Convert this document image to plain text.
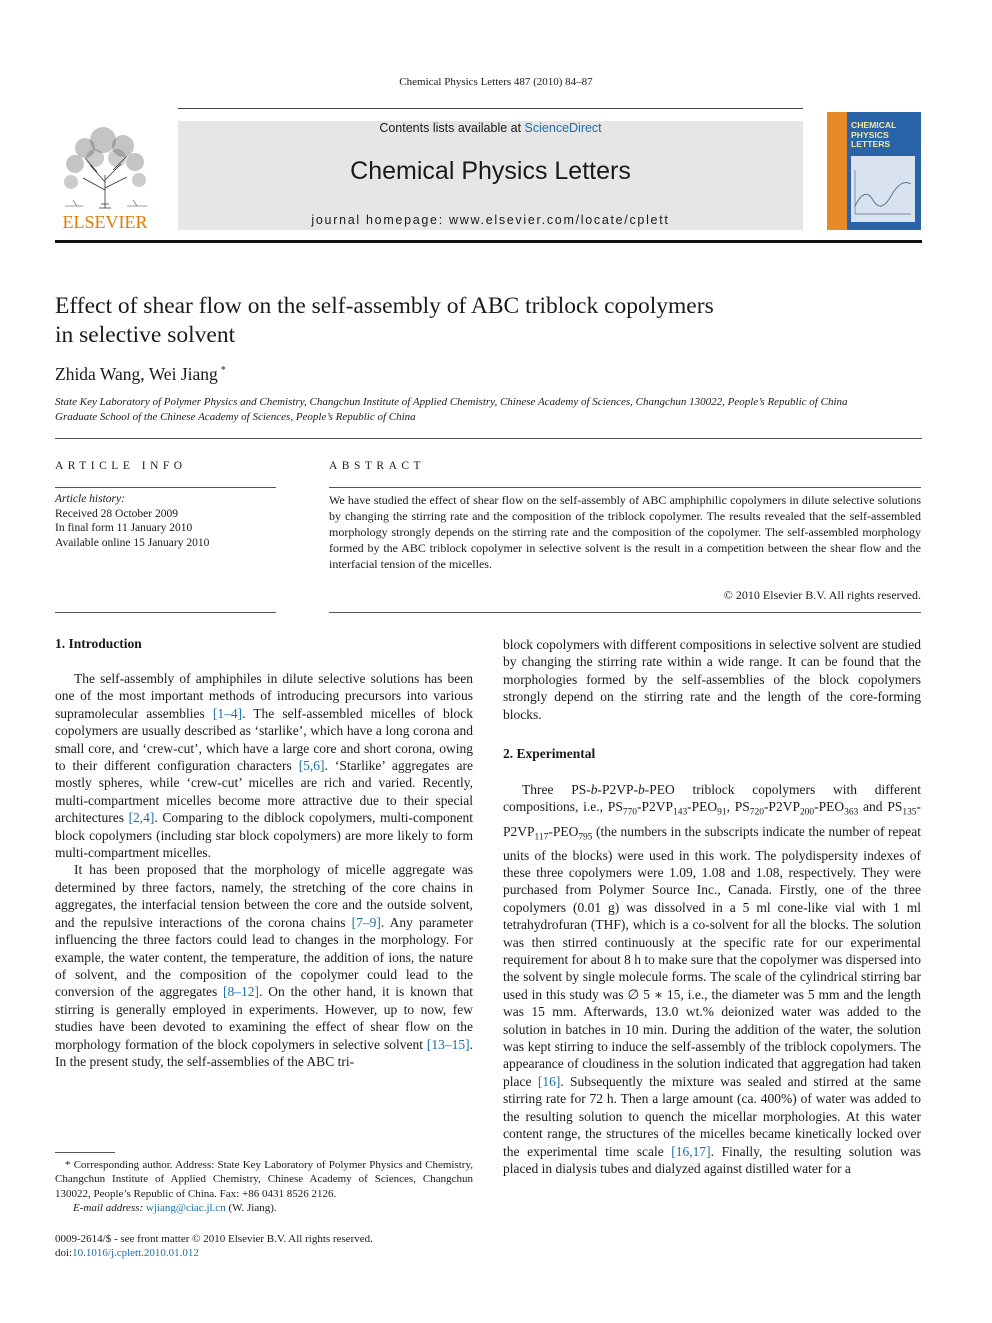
Chemical Physics Letters 487 (2010) 84–87
ELSEVIER
Contents lists available at ScienceDirect
Chemical Physics Letters
journal homepage: www.elsevier.com/locate/cplett
CHEMICAL
PHYSICS
LETTERS
Effect of shear flow on the self-assembly of ABC triblock copolymers
in selective solvent
Zhida Wang, Wei Jiang *
State Key Laboratory of Polymer Physics and Chemistry, Changchun Institute of Applied Chemistry, Chinese Academy of Sciences, Changchun 130022, People’s Republic of China
Graduate School of the Chinese Academy of Sciences, People’s Republic of China
ARTICLE INFO
Article history:
Received 28 October 2009
In final form 11 January 2010
Available online 15 January 2010
ABSTRACT
We have studied the effect of shear flow on the self-assembly of ABC amphiphilic copolymers in dilute selective solutions by changing the stirring rate and the composition of the triblock copolymer. The results revealed that the self-assembled morphology strongly depends on the stirring rate and the composition of the copolymer. The self-assembled morphology formed by the ABC triblock copolymer in selective solvent is the result in a competition between the shear flow and the interfacial tension of the micelles.
© 2010 Elsevier B.V. All rights reserved.
1. Introduction

The self-assembly of amphiphiles in dilute selective solutions has been one of the most important methods of introducing precursors into various supramolecular assemblies [1–4]. The self-assembled micelles of block copolymers are usually described as ‘starlike’, which have a long corona and small core, and ‘crew-cut’, which have a large core and short corona, owing to their different configuration characters [5,6]. ‘Starlike’ aggregates are mostly spheres, while ‘crew-cut’ micelles are rich and varied. Recently, multi-compartment micelles become more attractive due to their special architectures [2,4]. Comparing to the diblock copolymers, multi-component block copolymers (including star block copolymers) are more likely to form multi-compartment micelles.

It has been proposed that the morphology of micelle aggregate was determined by three factors, namely, the stretching of the core chains in aggregates, the interfacial tension between the core and the outside solvent, and the repulsive interactions of the corona chains [7–9]. Any parameter influencing the three factors could lead to changes in the morphology. For example, the water content, the temperature, the addition of ions, the nature of solvent, and the composition of the copolymer could lead to the conversion of the aggregates [8–12]. On the other hand, it is known that stirring is generally employed in experiments. However, up to now, few studies have been devoted to examining the effect of shear flow on the morphology formation of the block copolymers in selective solvent [13–15]. In the present study, the self-assemblies of the ABC tri-

* Corresponding author. Address: State Key Laboratory of Polymer Physics and Chemistry, Changchun Institute of Applied Chemistry, Chinese Academy of Sciences, Changchun 130022, People’s Republic of China. Fax: +86 0431 8526 2126.
E-mail address: wjiang@ciac.jl.cn (W. Jiang).
0009-2614/$ - see front matter © 2010 Elsevier B.V. All rights reserved.
doi:10.1016/j.cplett.2010.01.012
block copolymers with different compositions in selective solvent are studied by changing the stirring rate within a wide range. It can be found that the morphologies formed by the self-assemblies of the block copolymers strongly depend on the stirring rate and the length of the core-forming blocks.
2. Experimental
Three PS-b-P2VP-b-PEO triblock copolymers with different compositions, i.e., $PS_{770}-P2VP_{143}-PEO_{91}$, $PS_{720}-P2VP_{200}-PEO_{363}$ and $PS_{135}-P2VP_{117}-PEO_{795}$ (the numbers in the subscripts indicate the number of repeat units of the blocks) were used in this work. The polydispersity indexes of these three copolymers were 1.09, 1.08 and 1.08, respectively. They were purchased from Polymer Source Inc., Canada. Firstly, one of the three copolymers (0.01 g) was dissolved in a 5 ml cone-like vial with 1 ml tetrahydrofuran (THF), which is a co-solvent for all the blocks. The solution was then stirred continuously at the specific rate for our experimental requirement for about 8 h to make sure that the copolymer was dispersed into the solvent by single molecule forms. The scale of the cylindrical stirring bar used in this study was ∅ 5 ∗ 15, i.e., the diameter was 5 mm and the length was 15 mm. Afterwards, 13.0 wt.% deionized water was added to the solution in batches in 10 min. During the addition of the water, the solution was kept stirring to induce the self-assembly of the triblock copolymers. The appearance of cloudiness in the solution indicated that aggregation had taken place [16]. Subsequently the mixture was sealed and stirred at the same stirring rate for 72 h. Then a large amount (ca. 400%) of water was added to the resulting solution to quench the micellar morphologies. At this water content range, the structures of the micelles became kinetically locked over the experimental time scale [16,17]. Finally, the resulting solution was placed in dialysis tubes and dialyzed against distilled water for a
